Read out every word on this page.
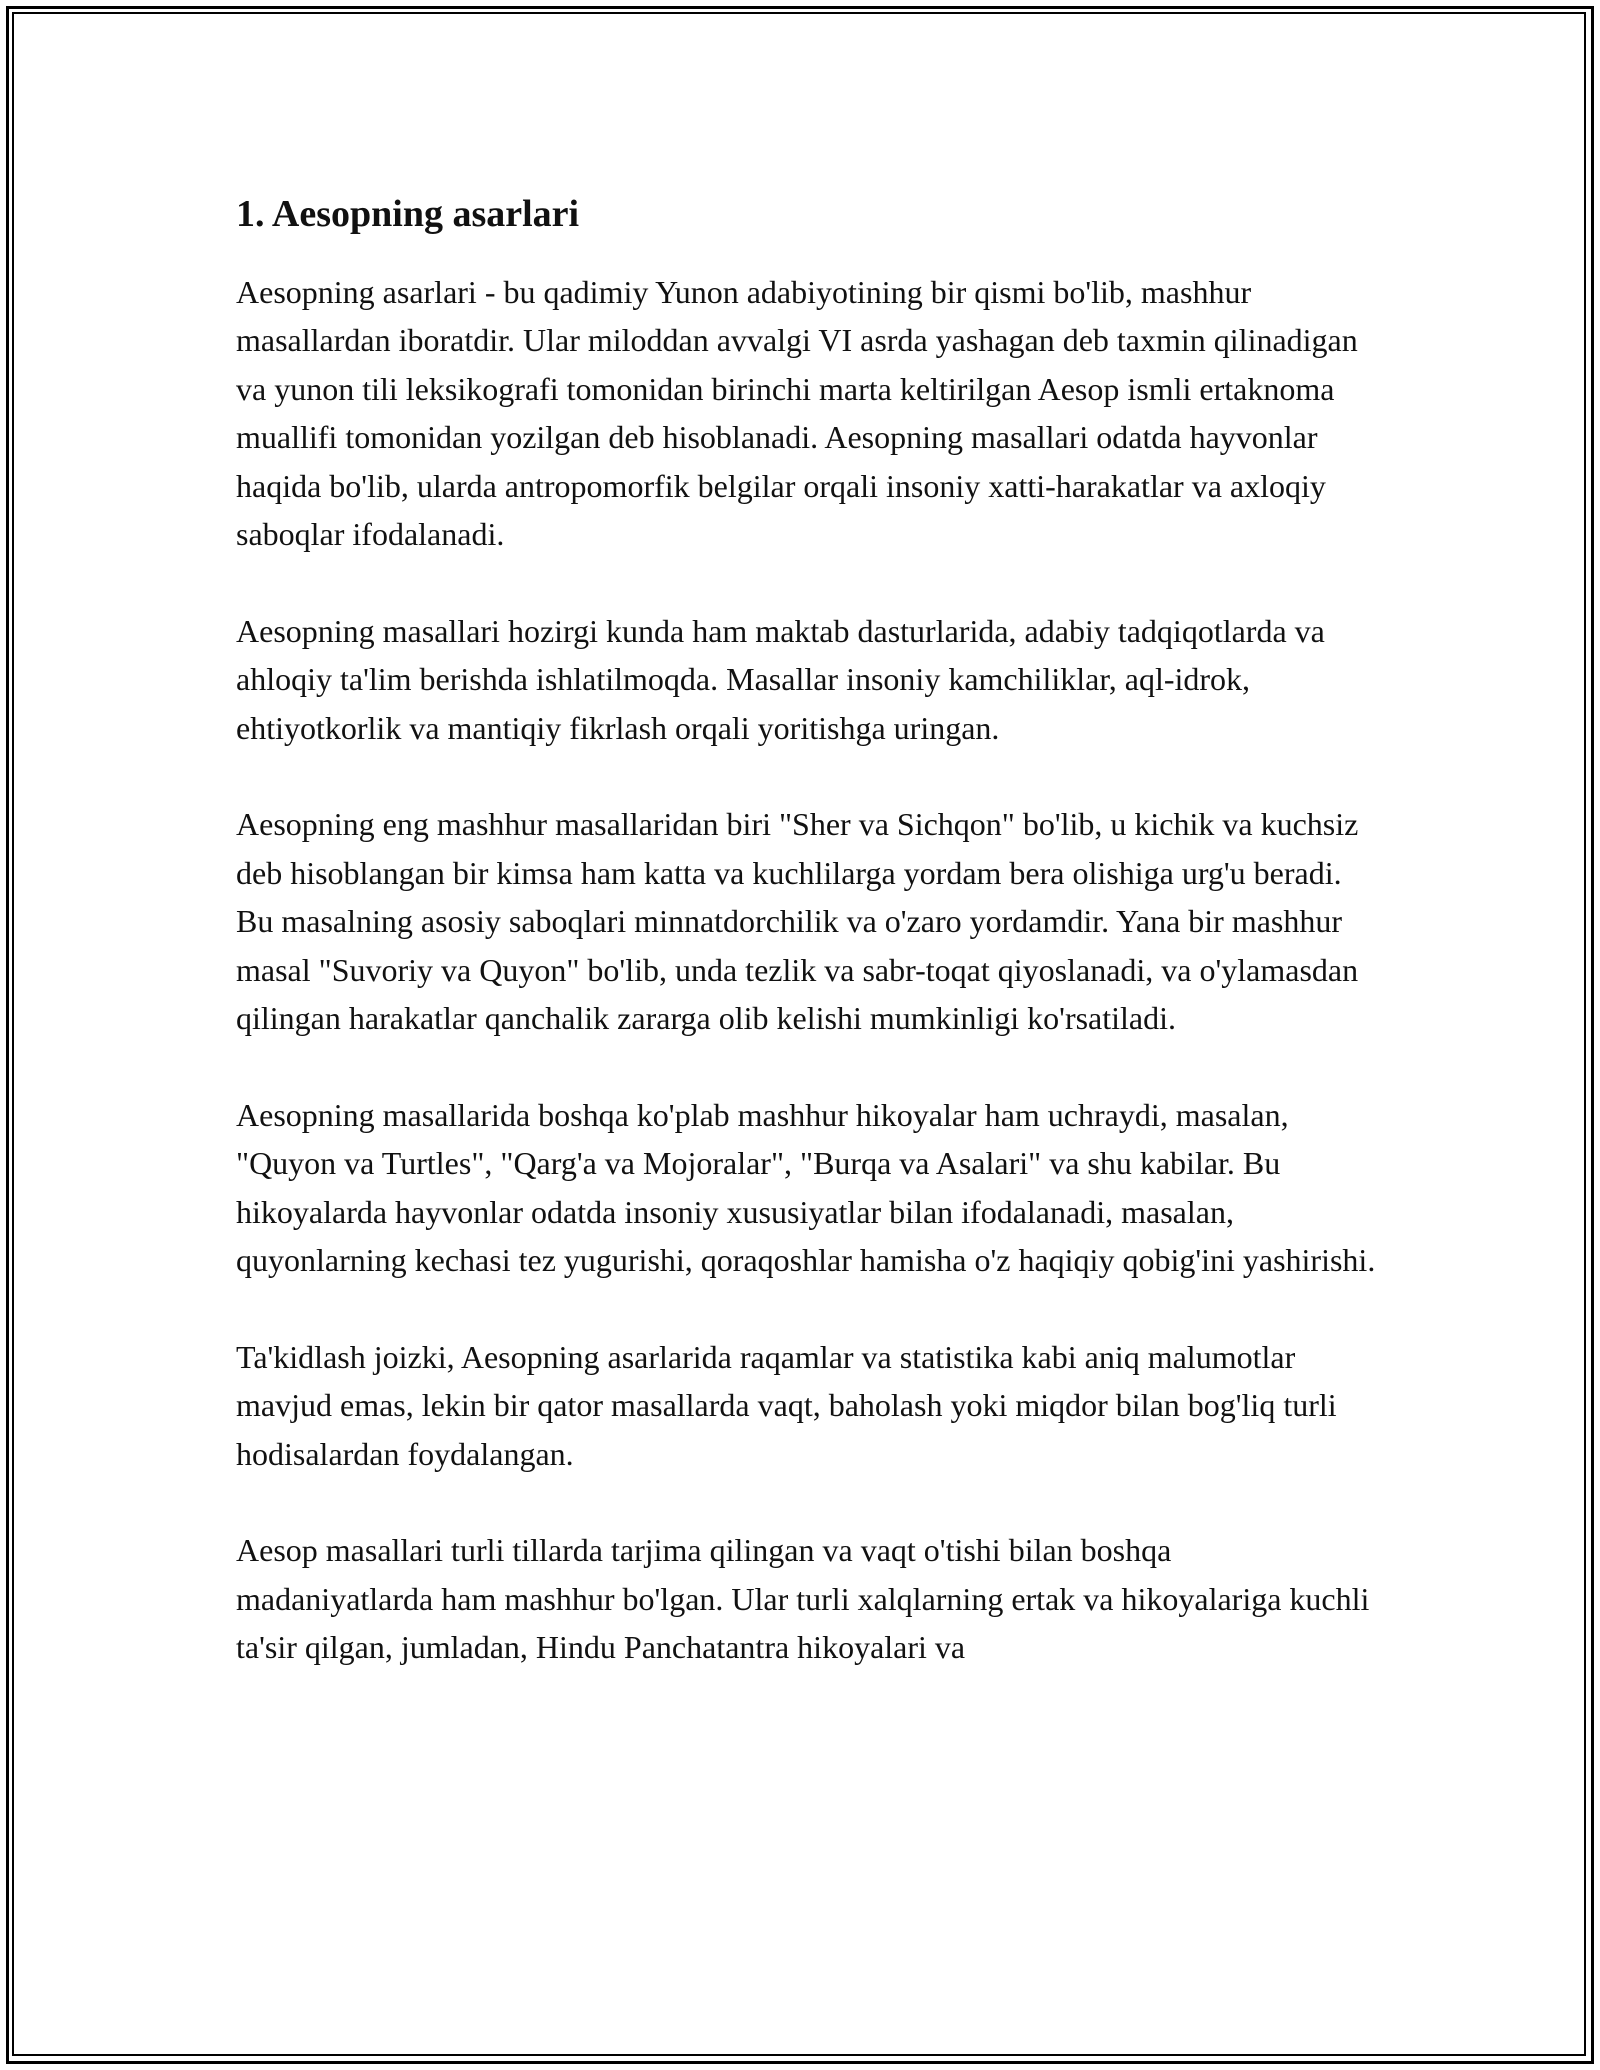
1. Aesopning asarlari

Aesopning asarlari - bu qadimiy Yunon adabiyotining bir qismi bo'lib, mashhur masallardan iboratdir. Ular miloddan avvalgi VI asrda yashagan deb taxmin qilinadigan va yunon tili leksikografi tomonidan birinchi marta keltirilgan Aesop ismli ertaknoma muallifi tomonidan yozilgan deb hisoblanadi. Aesopning masallari odatda hayvonlar haqida bo'lib, ularda antropomorfik belgilar orqali insoniy xatti-harakatlar va axloqiy saboqlar ifodalanadi.

Aesopning masallari hozirgi kunda ham maktab dasturlarida, adabiy tadqiqotlarda va ahloqiy ta'lim berishda ishlatilmoqda. Masallar insoniy kamchiliklar, aql-idrok, ehtiyotkorlik va mantiqiy fikrlash orqali yoritishga uringan.

Aesopning eng mashhur masallaridan biri "Sher va Sichqon" bo'lib, u kichik va kuchsiz deb hisoblangan bir kimsa ham katta va kuchlilarga yordam bera olishiga urg'u beradi. Bu masalning asosiy saboqlari minnatdorchilik va o'zaro yordamdir. Yana bir mashhur masal "Suvoriy va Quyon" bo'lib, unda tezlik va sabr-toqat qiyoslanadi, va o'ylamasdan qilingan harakatlar qanchalik zararga olib kelishi mumkinligi ko'rsatiladi.

Aesopning masallarida boshqa ko'plab mashhur hikoyalar ham uchraydi, masalan, "Quyon va Turtles", "Qarg'a va Mojoralar", "Burqa va Asalari" va shu kabilar. Bu hikoyalarda hayvonlar odatda insoniy xususiyatlar bilan ifodalanadi, masalan, quyonlarning kechasi tez yugurishi, qoraqoshlar hamisha o'z haqiqiy qobig'ini yashirishi.

Ta'kidlash joizki, Aesopning asarlarida raqamlar va statistika kabi aniq malumotlar mavjud emas, lekin bir qator masallarda vaqt, baholash yoki miqdor bilan bog'liq turli hodisalardan foydalangan.

Aesop masallari turli tillarda tarjima qilingan va vaqt o'tishi bilan boshqa madaniyatlarda ham mashhur bo'lgan. Ular turli xalqlarning ertak va hikoyalariga kuchli ta'sir qilgan, jumladan, Hindu Panchatantra hikoyalari va
